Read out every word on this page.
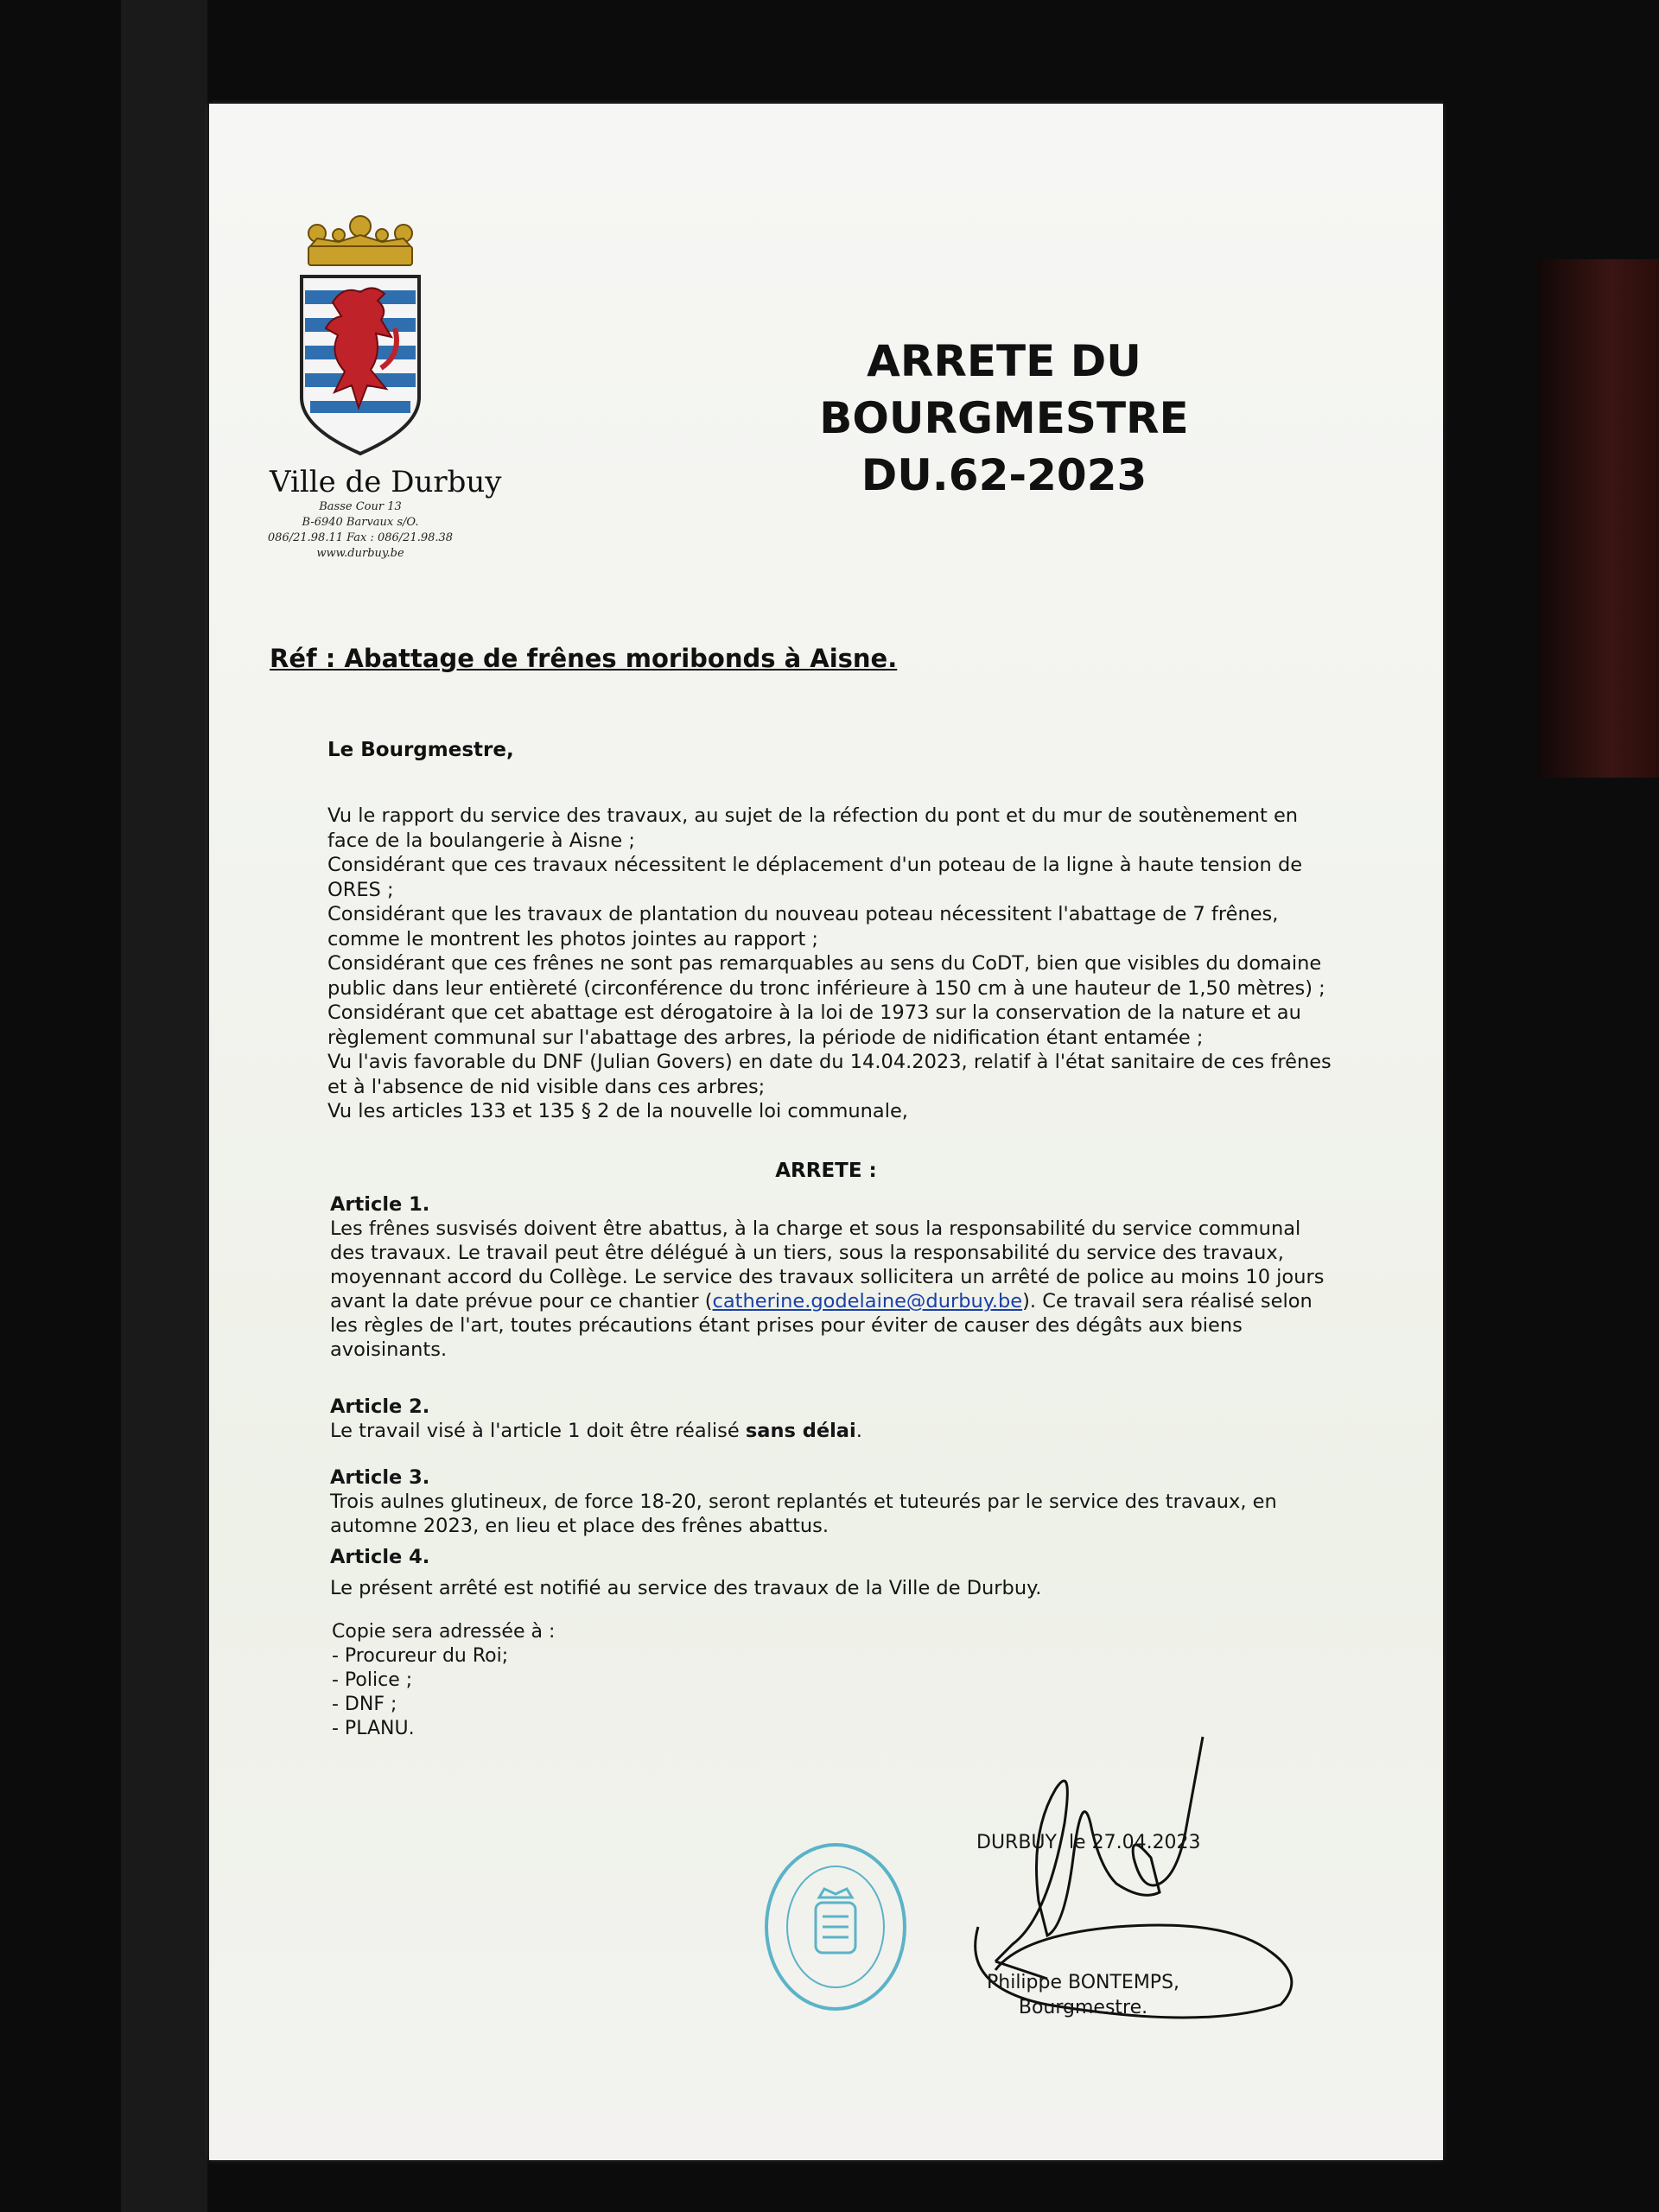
Ville de Durbuy
Basse Cour 13
B-6940 Barvaux s/O.
086/21.98.11 Fax : 086/21.98.38
www.durbuy.be
ARRETE DU BOURGMESTRE
DU.62-2023
Réf : Abattage de frênes moribonds à Aisne.
Le Bourgmestre,

Vu le rapport du service des travaux, au sujet de la réfection du pont et du mur de soutènement en face de la boulangerie à Aisne ;

Considérant que ces travaux nécessitent le déplacement d'un poteau de la ligne à haute tension de ORES ;

Considérant que les travaux de plantation du nouveau poteau nécessitent l'abattage de 7 frênes, comme le montrent les photos jointes au rapport ;

Considérant que ces frênes ne sont pas remarquables au sens du CoDT, bien que visibles du domaine public dans leur entièreté (circonférence du tronc inférieure à 150 cm à une hauteur de 1,50 mètres) ;

Considérant que cet abattage est dérogatoire à la loi de 1973 sur la conservation de la nature et au règlement communal sur l'abattage des arbres, la période de nidification étant entamée ;

Vu l'avis favorable du DNF (Julian Govers) en date du 14.04.2023, relatif à l'état sanitaire de ces frênes et à l'absence de nid visible dans ces arbres;

Vu les articles 133 et 135 § 2 de la nouvelle loi communale,

ARRETE :

Article 1.

Les frênes susvisés doivent être abattus, à la charge et sous la responsabilité du service communal des travaux. Le travail peut être délégué à un tiers, sous la responsabilité du service des travaux, moyennant accord du Collège. Le service des travaux sollicitera un arrêté de police au moins 10 jours avant la date prévue pour ce chantier (catherine.godelaine@durbuy.be). Ce travail sera réalisé selon les règles de l'art, toutes précautions étant prises pour éviter de causer des dégâts aux biens avoisinants.

Article 2.

Le travail visé à l'article 1 doit être réalisé sans délai.

Article 3.

Trois aulnes glutineux, de force 18-20, seront replantés et tuteurés par le service des travaux, en automne 2023, en lieu et place des frênes abattus.

Article 4.

Le présent arrêté est notifié au service des travaux de la Ville de Durbuy.

Copie sera adressée à :
- Procureur du Roi;
- Police ;
- DNF ;
- PLANU.
DURBUY, le 27.04.2023
Philippe BONTEMPS,
Bourgmestre.
